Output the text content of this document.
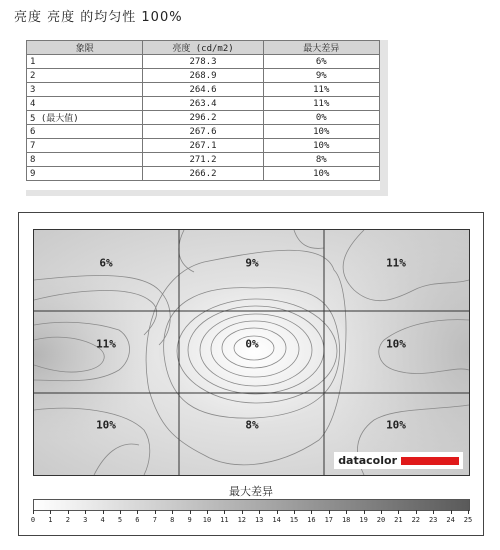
亮度 亮度 的均匀性 100%
象限	亮度 (cd/m2)	最大差异
1	278.3	6%
2	268.9	9%
3	264.6	11%
4	263.4	11%
5 (最大值)	296.2	0%
6	267.6	10%
7	267.1	10%
8	271.2	8%
9	266.2	10%
6%	9%	11%
11%	0%	10%
10%	8%	10%
datacolor
最大差异
0 1 2 3 4 5 6 7 8 9 10 11 12 13 14 15 16 17 18 19 20 21 22 23 24 25
